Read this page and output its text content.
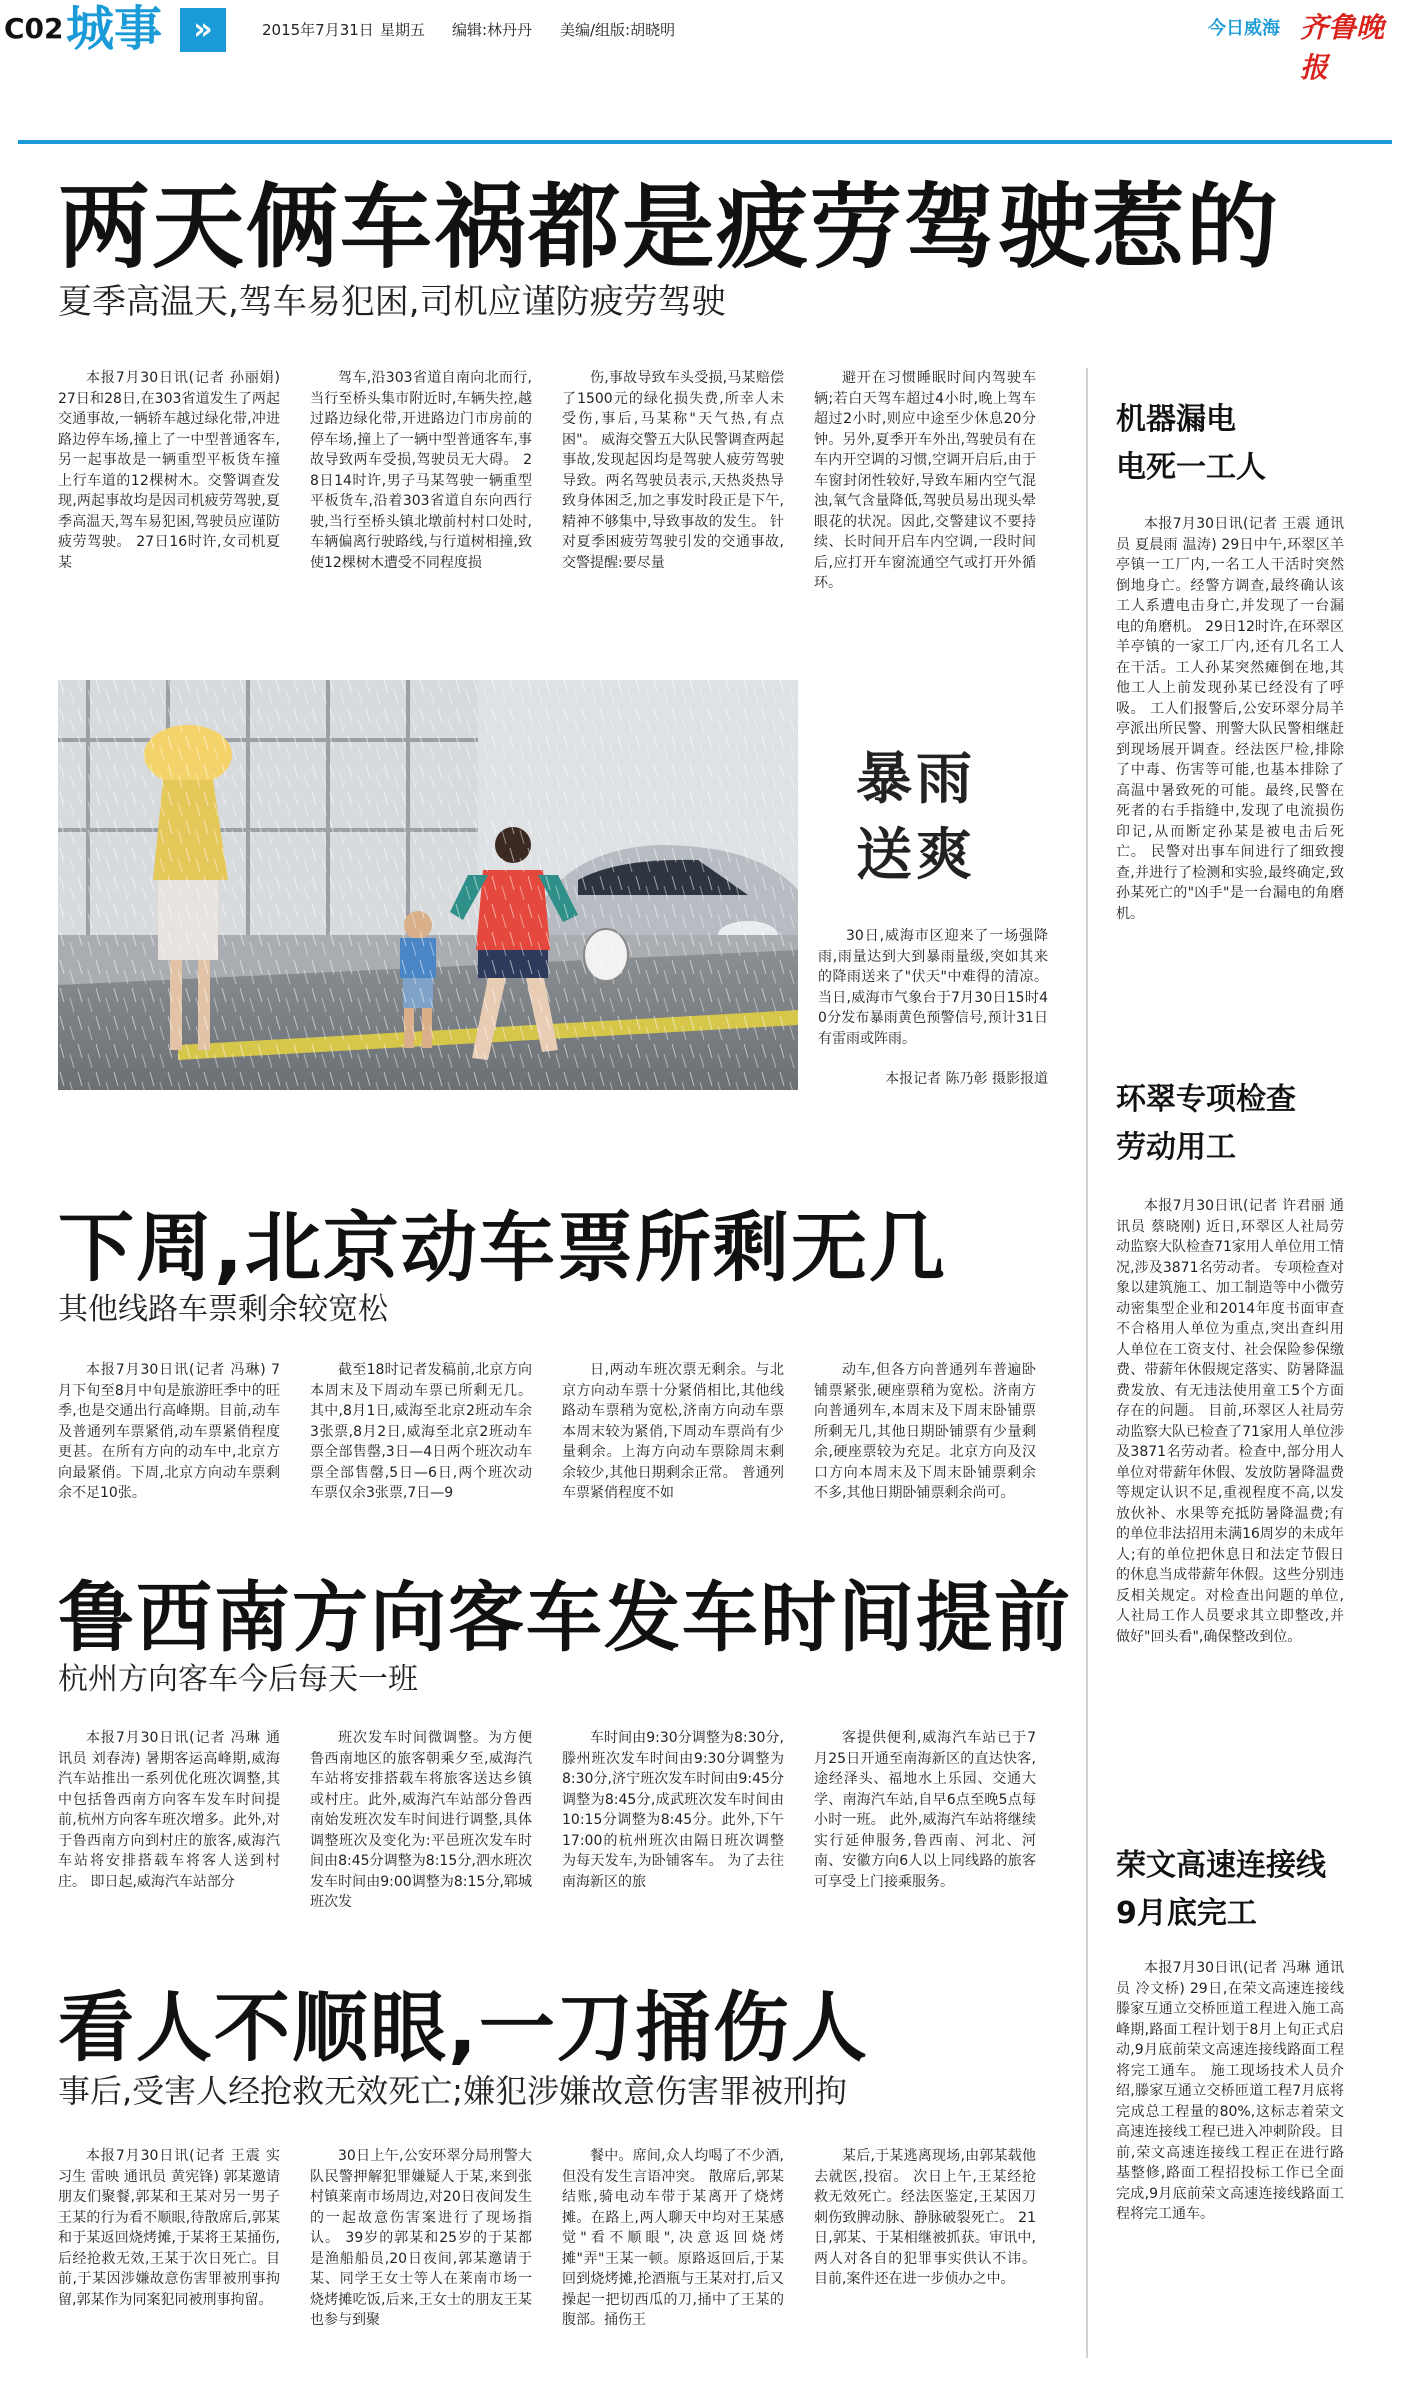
C02 城事	»	2015年7月31日 星期五	编辑:林丹丹	美编/组版:胡晓明	今日威海 齐鲁晚报
两天俩车祸都是疲劳驾驶惹的
夏季高温天,驾车易犯困,司机应谨防疲劳驾驶
本报7月30日讯(记者 孙丽娟) 27日和28日,在303省道发生了两起交通事故,一辆轿车越过绿化带,冲进路边停车场,撞上了一中型普通客车,另一起事故是一辆重型平板货车撞上行车道的12棵树木。交警调查发现,两起事故均是因司机疲劳驾驶,夏季高温天,驾车易犯困,驾驶员应谨防疲劳驾驶。 27日16时许,女司机夏某
驾车,沿303省道自南向北而行,当行至桥头集市附近时,车辆失控,越过路边绿化带,开进路边门市房前的停车场,撞上了一辆中型普通客车,事故导致两车受损,驾驶员无大碍。 28日14时许,男子马某驾驶一辆重型平板货车,沿着303省道自东向西行驶,当行至桥头镇北墩前村村口处时,车辆偏离行驶路线,与行道树相撞,致使12棵树木遭受不同程度损
伤,事故导致车头受损,马某赔偿了1500元的绿化损失费,所幸人未受伤,事后,马某称"天气热,有点困"。 威海交警五大队民警调查两起事故,发现起因均是驾驶人疲劳驾驶导致。两名驾驶员表示,天热炎热导致身体困乏,加之事发时段正是下午,精神不够集中,导致事故的发生。 针对夏季困疲劳驾驶引发的交通事故,交警提醒:要尽量
避开在习惯睡眠时间内驾驶车辆;若白天驾车超过4小时,晚上驾车超过2小时,则应中途至少休息20分钟。另外,夏季开车外出,驾驶员有在车内开空调的习惯,空调开启后,由于车窗封闭性较好,导致车厢内空气混浊,氧气含量降低,驾驶员易出现头晕眼花的状况。因此,交警建议不要持续、长时间开启车内空调,一段时间后,应打开车窗流通空气或打开外循环。
暴雨
送爽
30日,威海市区迎来了一场强降雨,雨量达到大到暴雨量级,突如其来的降雨送来了"伏天"中难得的清凉。当日,威海市气象台于7月30日15时40分发布暴雨黄色预警信号,预计31日有雷雨或阵雨。
本报记者 陈乃彰 摄影报道
下周,北京动车票所剩无几
其他线路车票剩余较宽松
本报7月30日讯(记者 冯琳) 7月下旬至8月中旬是旅游旺季中的旺季,也是交通出行高峰期。目前,动车及普通列车票紧俏,动车票紧俏程度更甚。在所有方向的动车中,北京方向最紧俏。下周,北京方向动车票剩余不足10张。
截至18时记者发稿前,北京方向本周末及下周动车票已所剩无几。其中,8月1日,威海至北京2班动车余3张票,8月2日,威海至北京2班动车票全部售罄,3日—4日两个班次动车票全部售罄,5日—6日,两个班次动车票仅余3张票,7日—9
日,两动车班次票无剩余。与北京方向动车票十分紧俏相比,其他线路动车票稍为宽松,济南方向动车票本周末较为紧俏,下周动车票尚有少量剩余。上海方向动车票除周末剩余较少,其他日期剩余正常。 普通列车票紧俏程度不如
动车,但各方向普通列车普遍卧铺票紧张,硬座票稍为宽松。济南方向普通列车,本周末及下周末卧铺票所剩无几,其他日期卧铺票有少量剩余,硬座票较为充足。北京方向及汉口方向本周末及下周末卧铺票剩余不多,其他日期卧铺票剩余尚可。
鲁西南方向客车发车时间提前
杭州方向客车今后每天一班
本报7月30日讯(记者 冯琳 通讯员 刘春涛) 暑期客运高峰期,威海汽车站推出一系列优化班次调整,其中包括鲁西南方向客车发车时间提前,杭州方向客车班次增多。此外,对于鲁西南方向到村庄的旅客,威海汽车站将安排搭载车将客人送到村庄。 即日起,威海汽车站部分
班次发车时间微调整。为方便鲁西南地区的旅客朝乘夕至,威海汽车站将安排搭载车将旅客送达乡镇或村庄。此外,威海汽车站部分鲁西南始发班次发车时间进行调整,具体调整班次及变化为:平邑班次发车时间由8:45分调整为8:15分,泗水班次发车时间由9:00调整为8:15分,郓城班次发
车时间由9:30分调整为8:30分,滕州班次发车时间由9:30分调整为8:30分,济宁班次发车时间由9:45分调整为8:45分,成武班次发车时间由10:15分调整为8:45分。此外,下午17:00的杭州班次由隔日班次调整为每天发车,为卧铺客车。 为了去往南海新区的旅
客提供便利,威海汽车站已于7月25日开通至南海新区的直达快客,途经泽头、福地水上乐园、交通大学、南海汽车站,自早6点至晚5点每小时一班。 此外,威海汽车站将继续实行延伸服务,鲁西南、河北、河南、安徽方向6人以上同线路的旅客可享受上门接乘服务。
看人不顺眼,一刀捅伤人
事后,受害人经抢救无效死亡;嫌犯涉嫌故意伤害罪被刑拘
本报7月30日讯(记者 王震 实习生 雷映 通讯员 黄宪锋) 郭某邀请朋友们聚餐,郭某和王某对另一男子王某的行为看不顺眼,待散席后,郭某和于某返回烧烤摊,于某将王某捅伤,后经抢救无效,王某于次日死亡。目前,于某因涉嫌故意伤害罪被刑事拘留,郭某作为同案犯同被刑事拘留。
30日上午,公安环翠分局刑警大队民警押解犯罪嫌疑人于某,来到张村镇莱南市场周边,对20日夜间发生的一起故意伤害案进行了现场指认。 39岁的郭某和25岁的于某都是渔船船员,20日夜间,郭某邀请于某、同学王女士等人在莱南市场一烧烤摊吃饭,后来,王女士的朋友王某也参与到聚
餐中。席间,众人均喝了不少酒,但没有发生言语冲突。 散席后,郭某结账,骑电动车带于某离开了烧烤摊。在路上,两人聊天中均对王某感觉"看不顺眼",决意返回烧烤摊"弄"王某一顿。原路返回后,于某回到烧烤摊,抡酒瓶与王某对打,后又操起一把切西瓜的刀,捅中了王某的腹部。捅伤王
某后,于某逃离现场,由郭某载他去就医,投宿。 次日上午,王某经抢救无效死亡。经法医鉴定,王某因刀刺伤致脾动脉、静脉破裂死亡。 21日,郭某、于某相继被抓获。审讯中,两人对各自的犯罪事实供认不讳。目前,案件还在进一步侦办之中。
机器漏电
电死一工人
本报7月30日讯(记者 王震 通讯员 夏晨雨 温涛) 29日中午,环翠区羊亭镇一工厂内,一名工人干活时突然倒地身亡。经警方调查,最终确认该工人系遭电击身亡,并发现了一台漏电的角磨机。 29日12时许,在环翠区羊亭镇的一家工厂内,还有几名工人在干活。工人孙某突然瘫倒在地,其他工人上前发现孙某已经没有了呼吸。 工人们报警后,公安环翠分局羊亭派出所民警、刑警大队民警相继赶到现场展开调查。经法医尸检,排除了中毒、伤害等可能,也基本排除了高温中暑致死的可能。最终,民警在死者的右手指缝中,发现了电流损伤印记,从而断定孙某是被电击后死亡。 民警对出事车间进行了细致搜查,并进行了检测和实验,最终确定,致孙某死亡的"凶手"是一台漏电的角磨机。
环翠专项检查
劳动用工
本报7月30日讯(记者 许君丽 通讯员 蔡晓刚) 近日,环翠区人社局劳动监察大队检查71家用人单位用工情况,涉及3871名劳动者。 专项检查对象以建筑施工、加工制造等中小微劳动密集型企业和2014年度书面审查不合格用人单位为重点,突出查纠用人单位在工资支付、社会保险参保缴费、带薪年休假规定落实、防暑降温费发放、有无违法使用童工5个方面存在的问题。 目前,环翠区人社局劳动监察大队已检查了71家用人单位涉及3871名劳动者。检查中,部分用人单位对带薪年休假、发放防暑降温费等规定认识不足,重视程度不高,以发放伙补、水果等充抵防暑降温费;有的单位非法招用未满16周岁的未成年人;有的单位把休息日和法定节假日的休息当成带薪年休假。这些分别违反相关规定。对检查出问题的单位,人社局工作人员要求其立即整改,并做好"回头看",确保整改到位。
荣文高速连接线
9月底完工
本报7月30日讯(记者 冯琳 通讯员 冷文桥) 29日,在荣文高速连接线滕家互通立交桥匝道工程进入施工高峰期,路面工程计划于8月上旬正式启动,9月底前荣文高速连接线路面工程将完工通车。 施工现场技术人员介绍,滕家互通立交桥匝道工程7月底将完成总工程量的80%,这标志着荣文高速连接线工程已进入冲刺阶段。目前,荣文高速连接线工程正在进行路基整修,路面工程招投标工作已全面完成,9月底前荣文高速连接线路面工程将完工通车。
